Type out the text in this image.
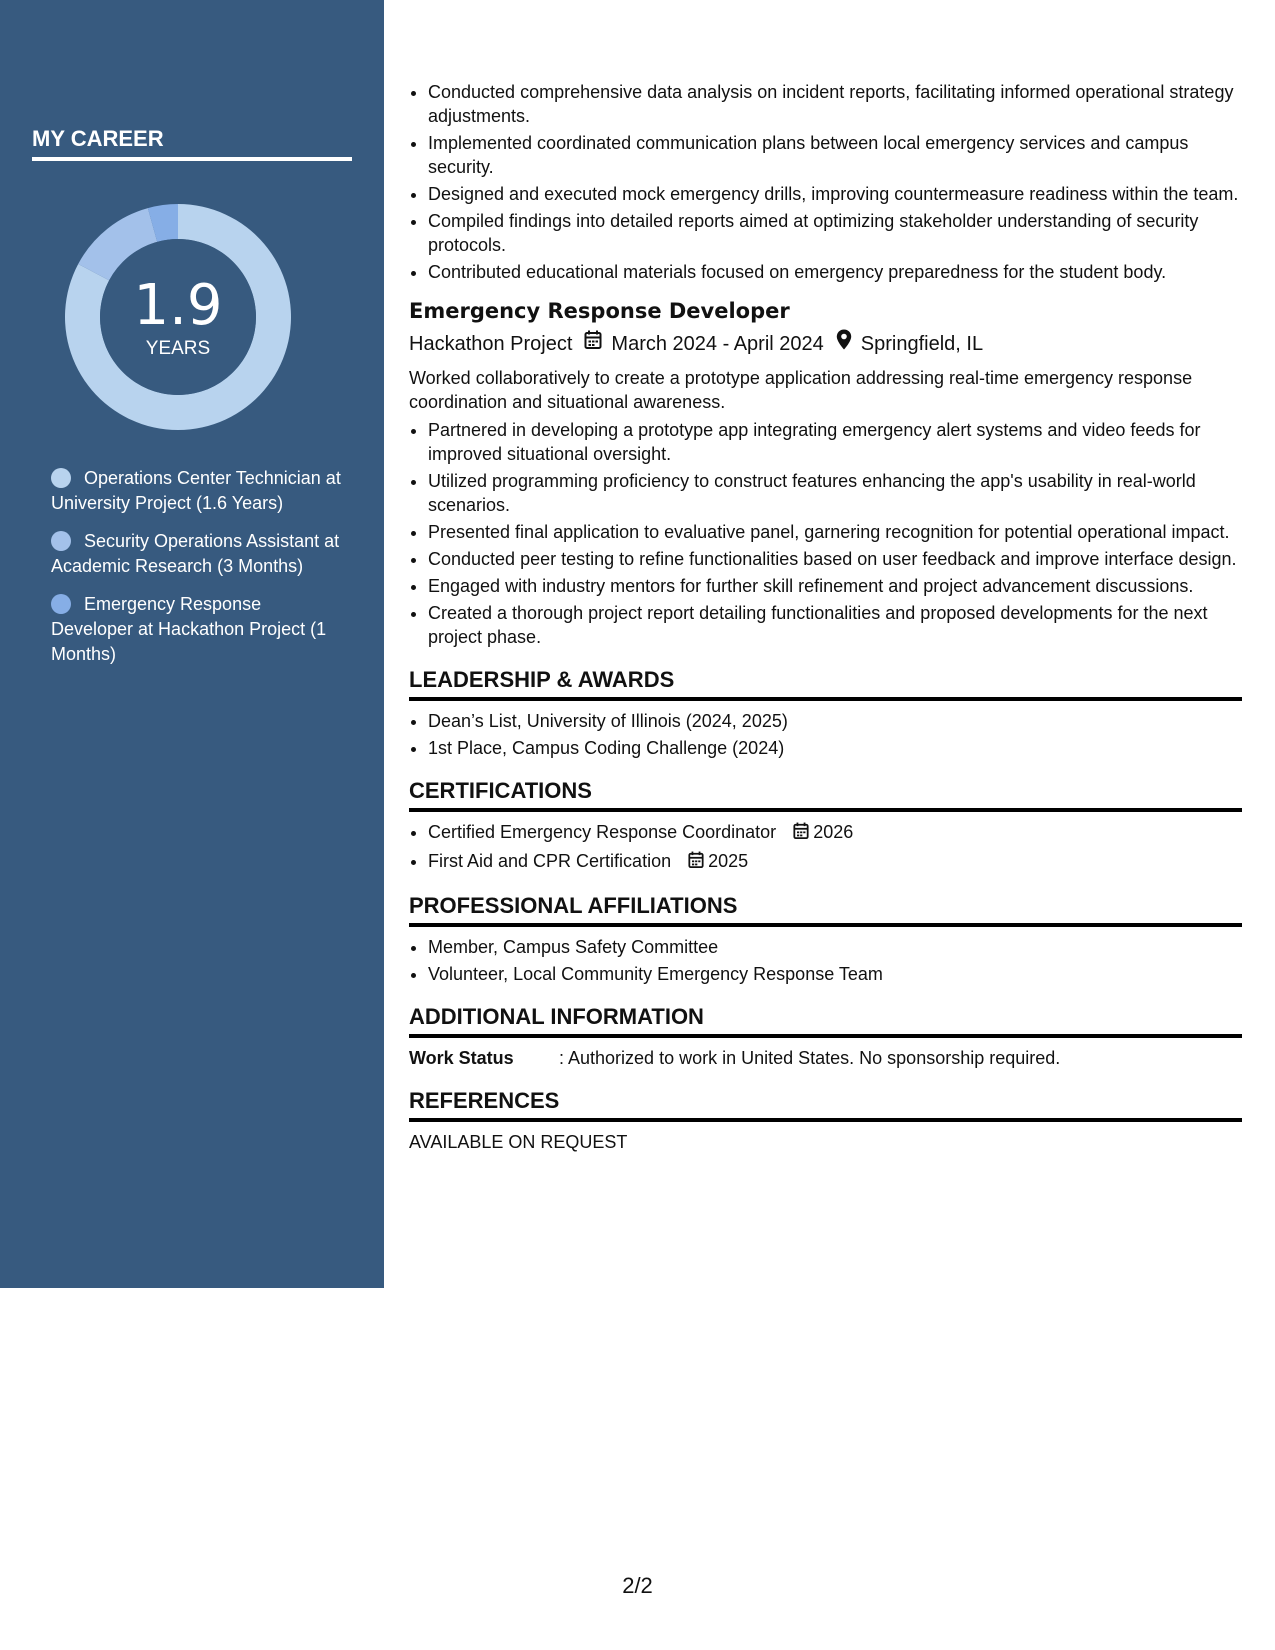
MY CAREER
1.9
YEARS
Operations Center Technician at University Project (1.6 Years)
Security Operations Assistant at Academic Research (3 Months)
Emergency Response Developer at Hackathon Project (1 Months)
• Conducted comprehensive data analysis on incident reports, facilitating informed operational strategy adjustments.
• Implemented coordinated communication plans between local emergency services and campus security.
• Designed and executed mock emergency drills, improving countermeasure readiness within the team.
• Compiled findings into detailed reports aimed at optimizing stakeholder understanding of security protocols.
• Contributed educational materials focused on emergency preparedness for the student body.
Emergency Response Developer
Hackathon Project March 2024 - April 2024 Springfield, IL
Worked collaboratively to create a prototype application addressing real-time emergency response coordination and situational awareness.
• Partnered in developing a prototype app integrating emergency alert systems and video feeds for improved situational oversight.
• Utilized programming proficiency to construct features enhancing the app's usability in real-world scenarios.
• Presented final application to evaluative panel, garnering recognition for potential operational impact.
• Conducted peer testing to refine functionalities based on user feedback and improve interface design.
• Engaged with industry mentors for further skill refinement and project advancement discussions.
• Created a thorough project report detailing functionalities and proposed developments for the next project phase.
LEADERSHIP & AWARDS
• Dean’s List, University of Illinois (2024, 2025)
• 1st Place, Campus Coding Challenge (2024)
CERTIFICATIONS
• Certified Emergency Response Coordinator 2026
• First Aid and CPR Certification 2025
PROFESSIONAL AFFILIATIONS
• Member, Campus Safety Committee
• Volunteer, Local Community Emergency Response Team
ADDITIONAL INFORMATION
Work Status	: Authorized to work in United States. No sponsorship required.
REFERENCES
AVAILABLE ON REQUEST
2/2
